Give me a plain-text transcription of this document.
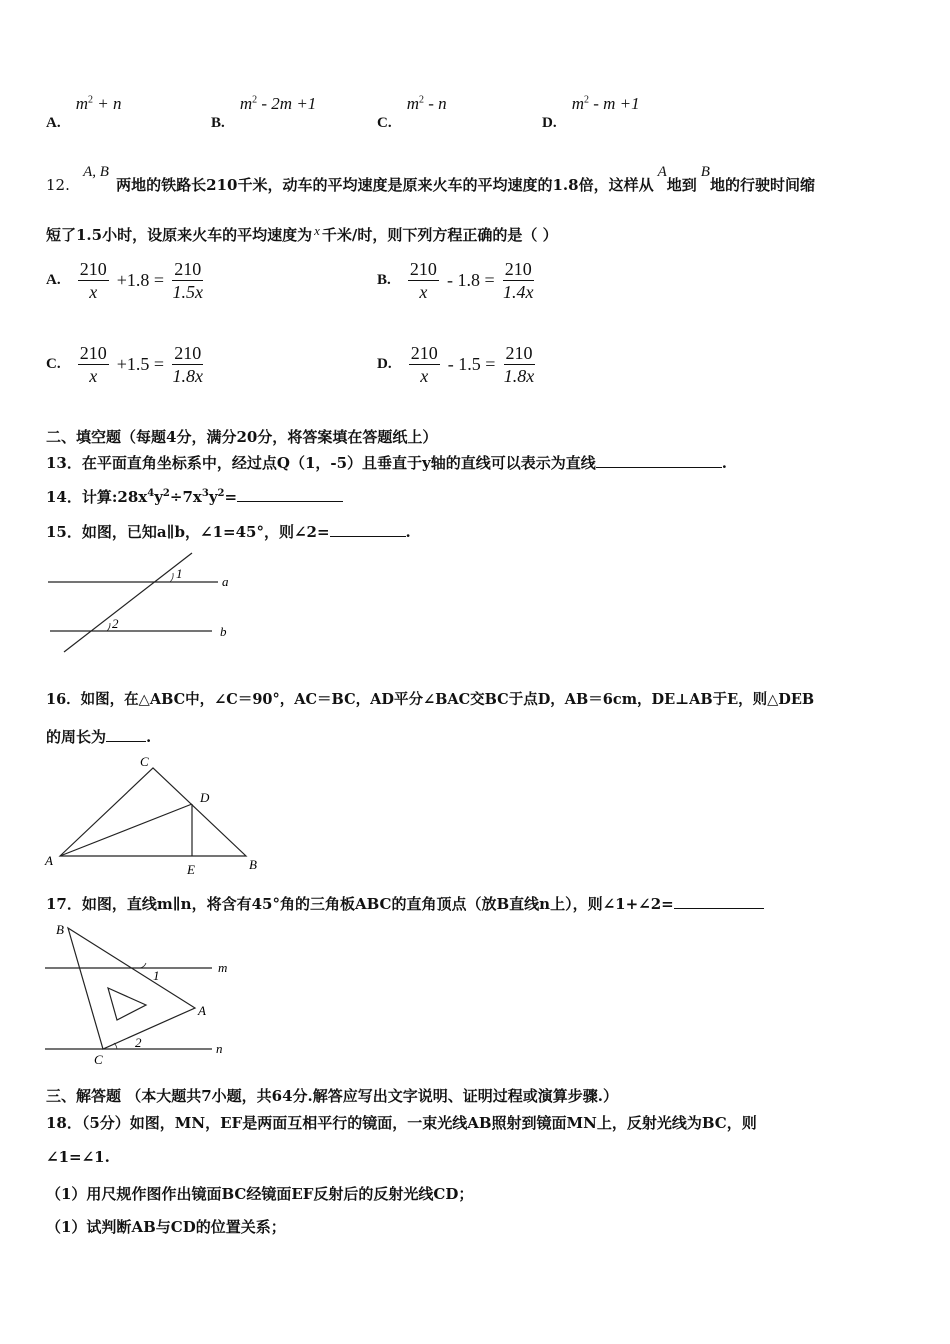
A. $m^2 + n$
B. $m^2 - 2m +1$
C. $m^2$ - n
D. $m^2 - m +1$
12. A, B 两地的铁路长210千米，动车的平均速度是原来火车的平均速度的1.8倍，这样从A地到B地的行驶时间缩
短了1.5小时，设原来火车的平均速度为 x 千米/时，则下列方程正确的是（ ）
A. $\frac{210}{x} +1.8 = \frac{210}{1.5x}$	B. $\frac{210}{x} - 1.8 = \frac{210}{1.4x}$
C. $\frac{210}{x} +1.5 = \frac{210}{1.8x}$	D. $\frac{210}{x} - 1.5 = \frac{210}{1.8x}$
二、填空题（每题4分，满分20分，将答案填在答题纸上）
13．在平面直角坐标系中，经过点Q（1，-5）且垂直于y轴的直线可以表示为直线	.
14．计算$:28x^4y^2\div 7x^3y^2=$
15．如图，已知a∥b，∠1=45°，则∠2=	.
1
2
a
b
16．如图，在△ABC中，∠C＝90°，AC＝BC，AD平分∠BAC交BC于点D，AB＝6cm，DE⊥AB于E，则△DEB
的周长为	.
C
D
A
E	B
17．如图，直线m∥n，将含有45°角的三角板ABC的直角顶点（放B直线n上），则∠1+∠2=
B
1
A
2
C
m
n
三、解答题 （本大题共7小题，共64分.解答应写出文字说明、证明过程或演算步骤.）
18．（5分）如图，MN，EF是两面互相平行的镜面，一束光线AB照射到镜面MN上，反射光线为BC，则
∠1=∠1.
（1）用尺规作图作出镜面BC经镜面EF反射后的反射光线CD；
（1）试判断AB与CD的位置关系；
